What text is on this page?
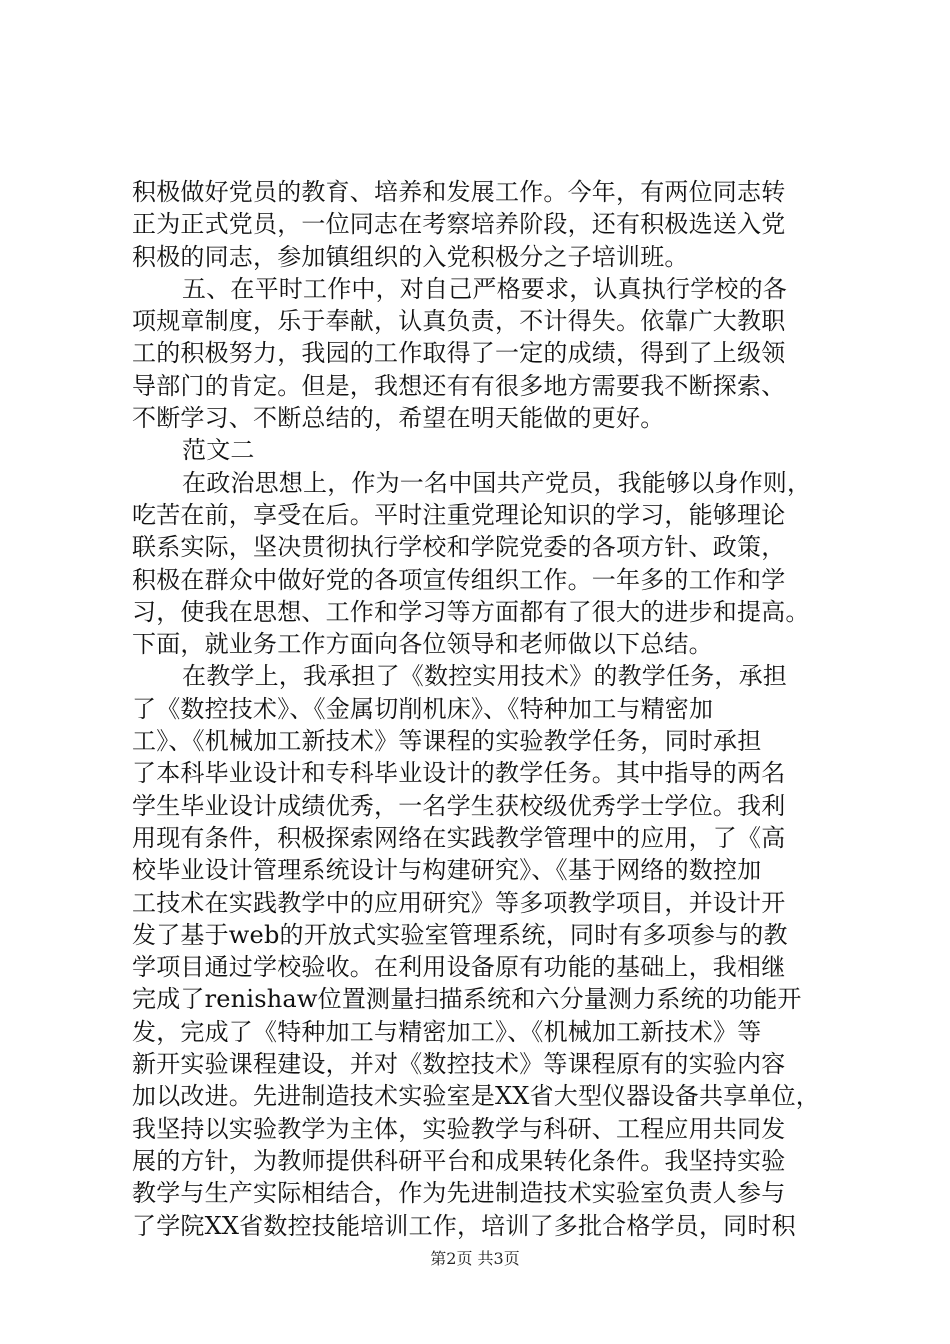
积极做好党员的教育、培养和发展工作。今年，有两位同志转
正为正式党员，一位同志在考察培养阶段，还有积极选送入党
积极的同志，参加镇组织的入党积极分之子培训班。
五、在平时工作中，对自己严格要求，认真执行学校的各
项规章制度，乐于奉献，认真负责，不计得失。依靠广大教职
工的积极努力，我园的工作取得了一定的成绩，得到了上级领
导部门的肯定。但是，我想还有有很多地方需要我不断探索、
不断学习、不断总结的，希望在明天能做的更好。
范文二
在政治思想上，作为一名中国共产党员，我能够以身作则，
吃苦在前，享受在后。平时注重党理论知识的学习，能够理论
联系实际，坚决贯彻执行学校和学院党委的各项方针、政策，
积极在群众中做好党的各项宣传组织工作。一年多的工作和学
习，使我在思想、工作和学习等方面都有了很大的进步和提高。
下面，就业务工作方面向各位领导和老师做以下总结。
在教学上，我承担了《数控实用技术》的教学任务，承担
了《数控技术》、《金属切削机床》、《特种加工与精密加
工》、《机械加工新技术》等课程的实验教学任务，同时承担
了本科毕业设计和专科毕业设计的教学任务。其中指导的两名
学生毕业设计成绩优秀，一名学生获校级优秀学士学位。我利
用现有条件，积极探索网络在实践教学管理中的应用，了《高
校毕业设计管理系统设计与构建研究》、《基于网络的数控加
工技术在实践教学中的应用研究》等多项教学项目，并设计开
发了基于web的开放式实验室管理系统，同时有多项参与的教
学项目通过学校验收。在利用设备原有功能的基础上，我相继
完成了renishaw位置测量扫描系统和六分量测力系统的功能开
发，完成了《特种加工与精密加工》、《机械加工新技术》等
新开实验课程建设，并对《数控技术》等课程原有的实验内容
加以改进。先进制造技术实验室是XX省大型仪器设备共享单位，
我坚持以实验教学为主体，实验教学与科研、工程应用共同发
展的方针，为教师提供科研平台和成果转化条件。我坚持实验
教学与生产实际相结合，作为先进制造技术实验室负责人参与
了学院XX省数控技能培训工作，培训了多批合格学员，同时积
第2页 共3页
